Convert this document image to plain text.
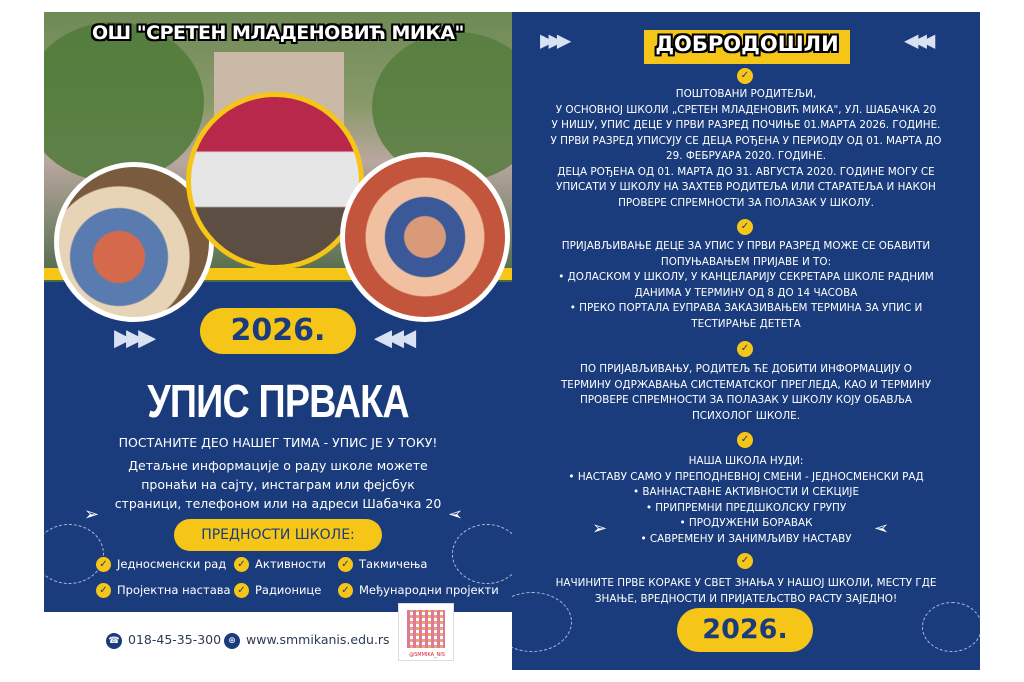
ОШ "СРЕТЕН МЛАДЕНОВИЋ МИКА"
▶▶▶	◀◀◀
2026.
УПИС ПРВАКА
ПОСТАНИТЕ ДЕО НАШЕГ ТИМА - УПИС ЈЕ У ТОКУ!
Детаљне информације о раду школе можете
пронаћи на сајту, инстаграм или фејсбук
страници, телефоном или на адреси Шабачка 20
➢	➢
ПРЕДНОСТИ ШКОЛЕ:
✓ Једносменски рад	✓ Активности	✓ Такмичења
✓ Пројектна настава ✓ Радионице	✓ Међународни пројекти
☎ 018-45-35-300 ⊕ www.smmikanis.edu.rs
@SMMIKA_NIS
▶▶▶	◀◀◀
ДОБРОДОШЛИ
✓
ПОШТОВАНИ РОДИТЕЉИ,
У ОСНОВНОЈ ШКОЛИ „СРЕТЕН МЛАДЕНОВИЋ МИКА", УЛ. ШАБАЧКА 20
У НИШУ, УПИС ДЕЦЕ У ПРВИ РАЗРЕД ПОЧИЊЕ 01.МАРТА 2026. ГОДИНЕ.
У ПРВИ РАЗРЕД УПИСУЈУ СЕ ДЕЦА РОЂЕНА У ПЕРИОДУ ОД 01. МАРТА ДО
29. ФЕБРУАРА 2020. ГОДИНЕ.
ДЕЦА РОЂЕНА ОД 01. МАРТА ДО 31. АВГУСТА 2020. ГОДИНЕ МОГУ СЕ
УПИСАТИ У ШКОЛУ НА ЗАХТЕВ РОДИТЕЉА ИЛИ СТАРАТЕЉА И НАКОН
ПРОВЕРЕ СПРЕМНОСТИ ЗА ПОЛАЗАК У ШКОЛУ.
✓
ПРИЈАВЉИВАЊЕ ДЕЦЕ ЗА УПИС У ПРВИ РАЗРЕД МОЖЕ СЕ ОБАВИТИ
ПОПУЊАВАЊЕМ ПРИЈАВЕ И ТО:
• ДОЛАСКОМ У ШКОЛУ, У КАНЦЕЛАРИЈУ СЕКРЕТАРА ШКОЛЕ РАДНИМ
ДАНИМА У ТЕРМИНУ ОД 8 ДО 14 ЧАСОВА
• ПРЕКО ПОРТАЛА ЕУПРАВА ЗАКАЗИВАЊЕМ ТЕРМИНА ЗА УПИС И
ТЕСТИРАЊЕ ДЕТЕТА
✓
ПО ПРИЈАВЉИВАЊУ, РОДИТЕЉ ЋЕ ДОБИТИ ИНФОРМАЦИЈУ О
ТЕРМИНУ ОДРЖАВАЊА СИСТЕМАТСКОГ ПРЕГЛЕДА, КАО И ТЕРМИНУ
ПРОВЕРЕ СПРЕМНОСТИ ЗА ПОЛАЗАК У ШКОЛУ КОЈУ ОБАВЉА
ПСИХОЛОГ ШКОЛЕ.
✓
НАША ШКОЛА НУДИ:
• НАСТАВУ САМО У ПРЕПОДНЕВНОЈ СМЕНИ - ЈЕДНОСМЕНСКИ РАД
• ВАННАСТАВНЕ АКТИВНОСТИ И СЕКЦИЈЕ
• ПРИПРЕМНИ ПРЕДШКОЛСКУ ГРУПУ
• ПРОДУЖЕНИ БОРАВАК
• САВРЕМЕНУ И ЗАНИМЉИВУ НАСТАВУ
✓
НАЧИНИТЕ ПРВЕ КОРАКЕ У СВЕТ ЗНАЊА У НАШОЈ ШКОЛИ, МЕСТУ ГДЕ
ЗНАЊЕ, ВРЕДНОСТИ И ПРИЈАТЕЉСТВО РАСТУ ЗАЈЕДНО!
➢	➢
2026.
